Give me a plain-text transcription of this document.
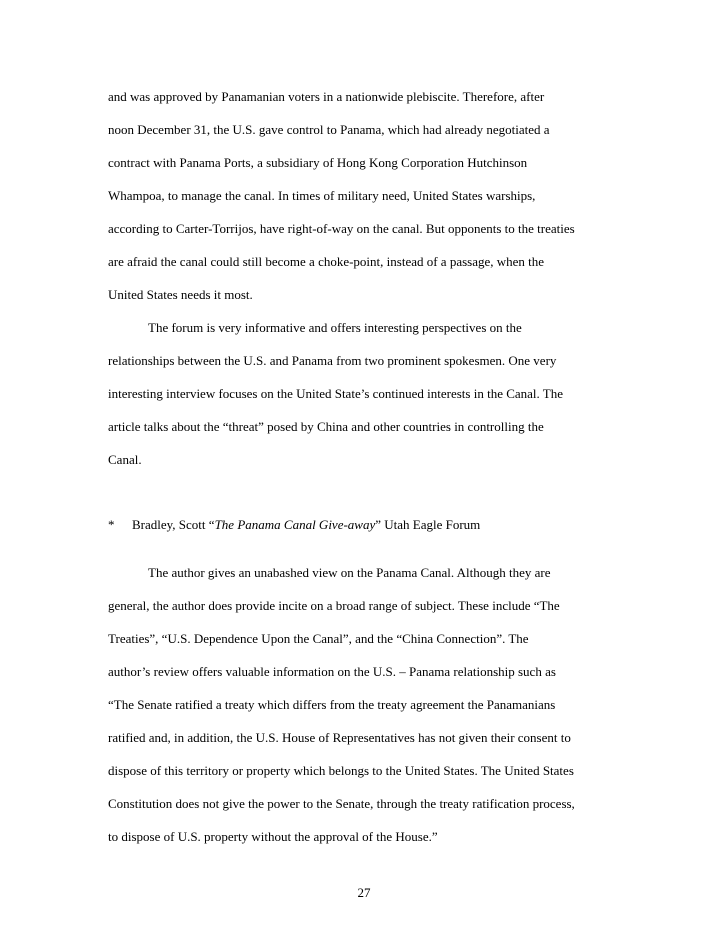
and was approved by Panamanian voters in a nationwide plebiscite. Therefore, after
noon December 31, the U.S. gave control to Panama, which had already negotiated a
contract with Panama Ports, a subsidiary of Hong Kong Corporation Hutchinson
Whampoa, to manage the canal. In times of military need, United States warships,
according to Carter-Torrijos, have right-of-way on the canal. But opponents to the treaties
are afraid the canal could still become a choke-point, instead of a passage, when the
United States needs it most.
The forum is very informative and offers interesting perspectives on the
relationships between the U.S. and Panama from two prominent spokesmen. One very
interesting interview focuses on the United State’s continued interests in the Canal. The
article talks about the “threat” posed by China and other countries in controlling the
Canal.
* Bradley, Scott “The Panama Canal Give-away” Utah Eagle Forum
The author gives an unabashed view on the Panama Canal. Although they are
general, the author does provide incite on a broad range of subject. These include “The
Treaties”, “U.S. Dependence Upon the Canal”, and the “China Connection”. The
author’s review offers valuable information on the U.S. – Panama relationship such as
“The Senate ratified a treaty which differs from the treaty agreement the Panamanians
ratified and, in addition, the U.S. House of Representatives has not given their consent to
dispose of this territory or property which belongs to the United States. The United States
Constitution does not give the power to the Senate, through the treaty ratification process,
to dispose of U.S. property without the approval of the House.”
27
